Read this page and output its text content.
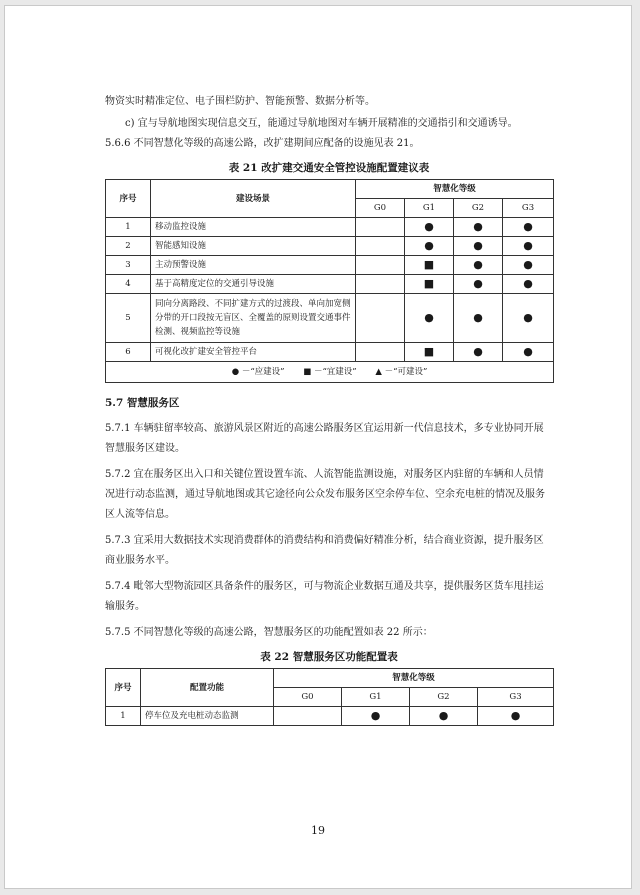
物资实时精准定位、电子围栏防护、智能预警、数据分析等。

c) 宜与导航地图实现信息交互，能通过导航地图对车辆开展精准的交通指引和交通诱导。

5.6.6 不同智慧化等级的高速公路，改扩建期间应配备的设施见表 21。

表 21 改扩建交通安全管控设施配置建议表
序号	建设场景	智慧化等级			
		G0	G1	G2	G3
1	移动监控设施		●	●	●
2	智能感知设施		●	●	●
3	主动预警设施		■	●	●
4	基于高精度定位的交通引导设施		■	●	●
5	同向分离路段、不同扩建方式的过渡段、单向加宽侧分带的开口段按无盲区、全覆盖的原则设置交通事件检测、视频监控等设施		●	●	●
6	可视化改扩建安全管控平台		■	●	●
● －“应建设” ■ －“宜建设” ▲ －“可建设”					
5.7 智慧服务区

5.7.1 车辆驻留率较高、旅游风景区附近的高速公路服务区宜运用新一代信息技术，多专业协同开展智慧服务区建设。

5.7.2 宜在服务区出入口和关键位置设置车流、人流智能监测设施，对服务区内驻留的车辆和人员情况进行动态监测，通过导航地图或其它途径向公众发布服务区空余停车位、空余充电桩的情况及服务区人流等信息。

5.7.3 宜采用大数据技术实现消费群体的消费结构和消费偏好精准分析，结合商业资源，提升服务区商业服务水平。

5.7.4 毗邻大型物流园区具备条件的服务区，可与物流企业数据互通及共享，提供服务区货车甩挂运输服务。

5.7.5 不同智慧化等级的高速公路，智慧服务区的功能配置如表 22 所示：

表 22 智慧服务区功能配置表
序号	配置功能	智慧化等级			
		G0	G1	G2	G3
1	停车位及充电桩动态监测		●	●	●
19
